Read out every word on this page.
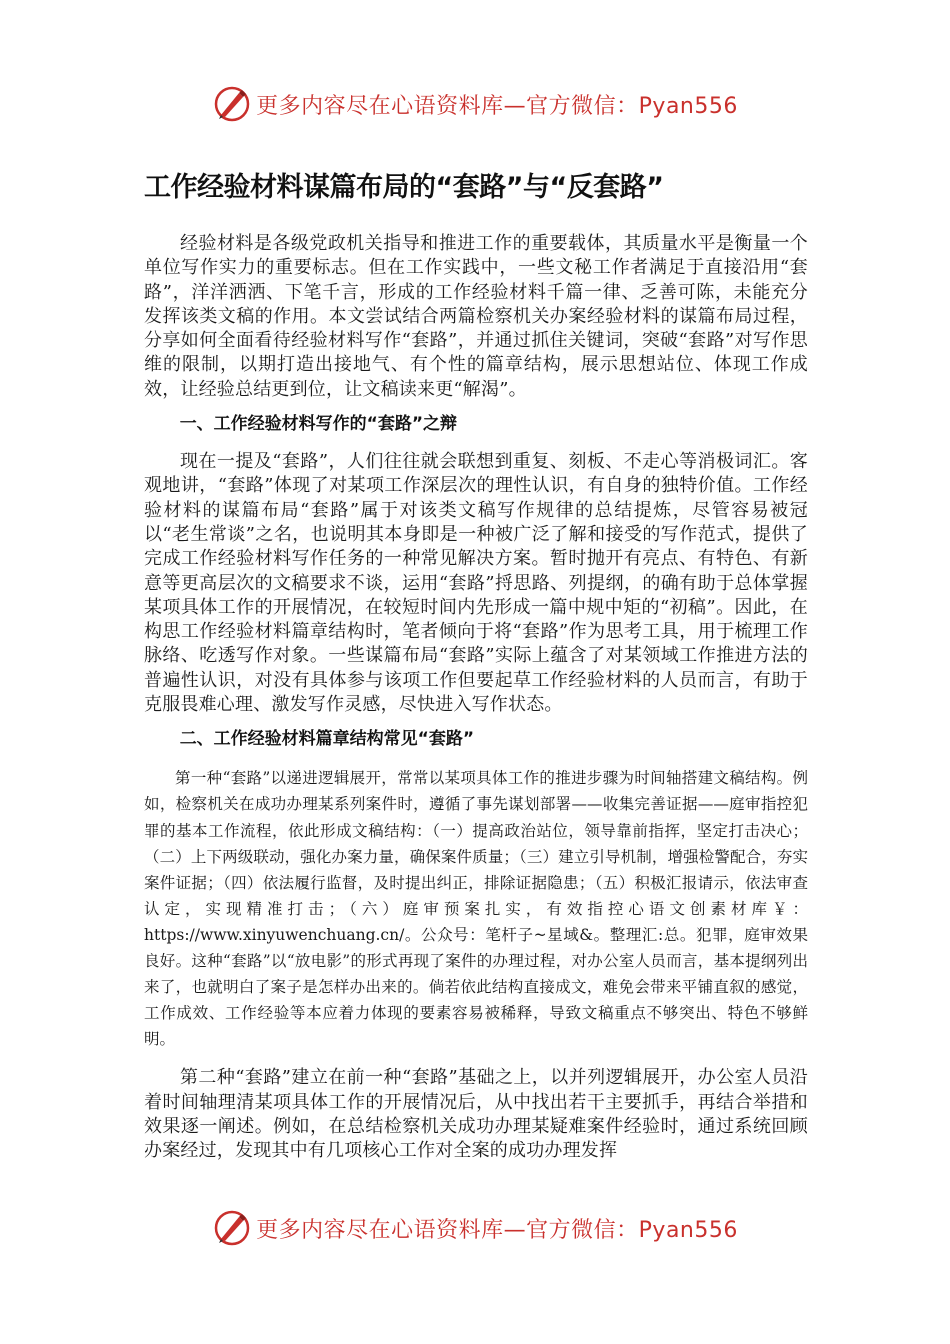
更多内容尽在心语资料库—官方微信：Pyan556
工作经验材料谋篇布局的“套路”与“反套路”

经验材料是各级党政机关指导和推进工作的重要载体，其质量水平是衡量一个单位写作实力的重要标志。但在工作实践中，一些文秘工作者满足于直接沿用“套路”，洋洋洒洒、下笔千言，形成的工作经验材料千篇一律、乏善可陈，未能充分发挥该类文稿的作用。本文尝试结合两篇检察机关办案经验材料的谋篇布局过程，分享如何全面看待经验材料写作“套路”，并通过抓住关键词，突破“套路”对写作思维的限制，以期打造出接地气、有个性的篇章结构，展示思想站位、体现工作成效，让经验总结更到位，让文稿读来更“解渴”。

一、工作经验材料写作的“套路”之辩

现在一提及“套路”，人们往往就会联想到重复、刻板、不走心等消极词汇。客观地讲，“套路”体现了对某项工作深层次的理性认识，有自身的独特价值。工作经验材料的谋篇布局“套路”属于对该类文稿写作规律的总结提炼，尽管容易被冠以“老生常谈”之名，也说明其本身即是一种被广泛了解和接受的写作范式，提供了完成工作经验材料写作任务的一种常见解决方案。暂时抛开有亮点、有特色、有新意等更高层次的文稿要求不谈，运用“套路”捋思路、列提纲，的确有助于总体掌握某项具体工作的开展情况，在较短时间内先形成一篇中规中矩的“初稿”。因此，在构思工作经验材料篇章结构时，笔者倾向于将“套路”作为思考工具，用于梳理工作脉络、吃透写作对象。一些谋篇布局“套路”实际上蕴含了对某领域工作推进方法的普遍性认识，对没有具体参与该项工作但要起草工作经验材料的人员而言，有助于克服畏难心理、激发写作灵感，尽快进入写作状态。

二、工作经验材料篇章结构常见“套路”

第一种“套路”以递进逻辑展开，常常以某项具体工作的推进步骤为时间轴搭建文稿结构。例如，检察机关在成功办理某系列案件时，遵循了事先谋划部署——收集完善证据——庭审指控犯罪的基本工作流程，依此形成文稿结构：（一）提高政治站位，领导靠前指挥，坚定打击决心；（二）上下两级联动，强化办案力量，确保案件质量；（三）建立引导机制，增强检警配合，夯实案件证据；（四）依法履行监督，及时提出纠正，排除证据隐患；（五）积极汇报请示，依法审查认定，实现精准打击；（六）庭审预案扎实，有效指控心语文创素材库￥：https://www.xinyuwenchuang.cn/。公众号：笔杆子~星域&。整理汇:总。犯罪，庭审效果良好。这种“套路”以“放电影”的形式再现了案件的办理过程，对办公室人员而言，基本提纲列出来了，也就明白了案子是怎样办出来的。倘若依此结构直接成文，难免会带来平铺直叙的感觉，工作成效、工作经验等本应着力体现的要素容易被稀释，导致文稿重点不够突出、特色不够鲜明。

第二种“套路”建立在前一种“套路”基础之上，以并列逻辑展开，办公室人员沿着时间轴理清某项具体工作的开展情况后，从中找出若干主要抓手，再结合举措和效果逐一阐述。例如，在总结检察机关成功办理某疑难案件经验时，通过系统回顾办案经过，发现其中有几项核心工作对全案的成功办理发挥

更多内容尽在心语资料库—官方微信：Pyan556
